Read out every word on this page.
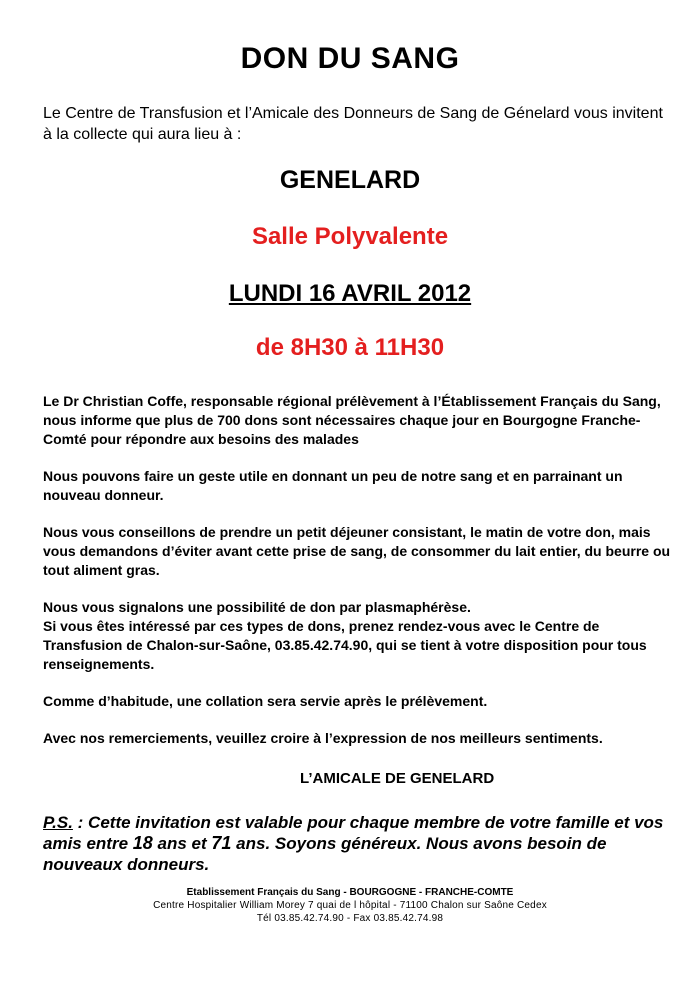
DON DU SANG
Le Centre de Transfusion et l’Amicale des Donneurs de Sang de Génelard vous invitent à la collecte qui aura lieu à :
GENELARD
Salle Polyvalente
LUNDI 16 AVRIL 2012
de 8H30 à 11H30

Le Dr Christian Coffe, responsable régional prélèvement à l’Établissement Français du Sang, nous informe que plus de 700 dons sont nécessaires chaque jour en Bourgogne Franche-Comté pour répondre aux besoins des malades

Nous pouvons faire un geste utile en donnant un peu de notre sang et en parrainant un nouveau donneur.

Nous vous conseillons de prendre un petit déjeuner consistant, le matin de votre don, mais vous demandons d’éviter avant cette prise de sang, de consommer du lait entier, du beurre ou tout aliment gras.

Nous vous signalons une possibilité de don par plasmaphérèse.

Si vous êtes intéressé par ces types de dons, prenez rendez-vous avec le Centre de Transfusion de Chalon-sur-Saône, 03.85.42.74.90, qui se tient à votre disposition pour tous renseignements.

Comme d’habitude, une collation sera servie après le prélèvement.

Avec nos remerciements, veuillez croire à l’expression de nos meilleurs sentiments.

L’AMICALE DE GENELARD
P.S. : Cette invitation est valable pour chaque membre de votre famille et vos amis entre 18 ans et 71 ans. Soyons généreux. Nous avons besoin de nouveaux donneurs.
Etablissement Français du Sang - BOURGOGNE - FRANCHE-COMTE
Centre Hospitalier William Morey 7 quai de l hôpital - 71100 Chalon sur Saône Cedex
Tél 03.85.42.74.90 - Fax 03.85.42.74.98
